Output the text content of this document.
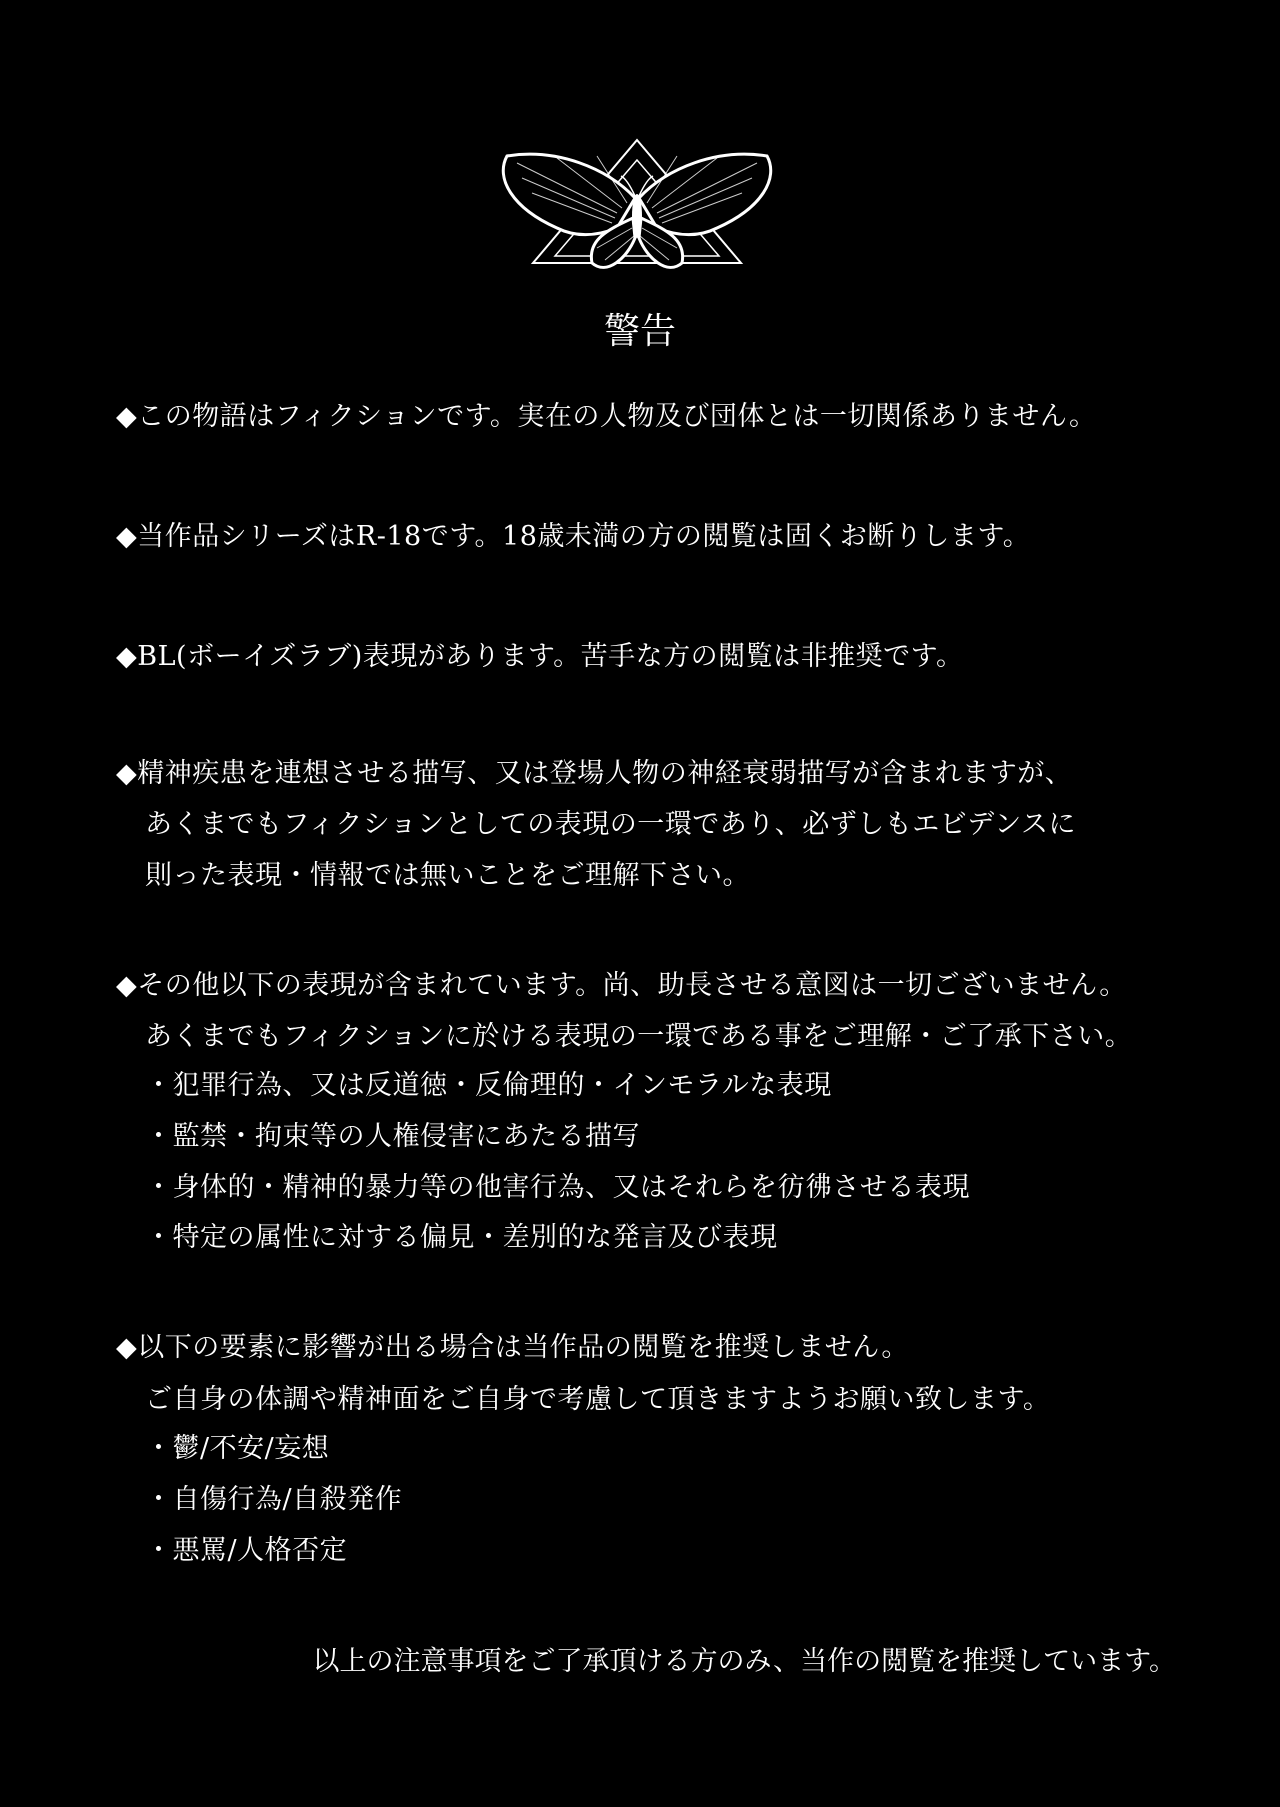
警告
◆この物語はフィクションです。実在の人物及び団体とは一切関係ありません。
◆当作品シリーズはR-18です。18歳未満の方の閲覧は固くお断りします。
◆BL(ボーイズラブ)表現があります。苦手な方の閲覧は非推奨です。
◆精神疾患を連想させる描写、又は登場人物の神経衰弱描写が含まれますが、
あくまでもフィクションとしての表現の一環であり、必ずしもエビデンスに
則った表現・情報では無いことをご理解下さい。
◆その他以下の表現が含まれています。尚、助長させる意図は一切ございません。
あくまでもフィクションに於ける表現の一環である事をご理解・ご了承下さい。
・犯罪行為、又は反道徳・反倫理的・インモラルな表現
・監禁・拘束等の人権侵害にあたる描写
・身体的・精神的暴力等の他害行為、又はそれらを彷彿させる表現
・特定の属性に対する偏見・差別的な発言及び表現
◆以下の要素に影響が出る場合は当作品の閲覧を推奨しません。
ご自身の体調や精神面をご自身で考慮して頂きますようお願い致します。
・鬱/不安/妄想
・自傷行為/自殺発作
・悪罵/人格否定
以上の注意事項をご了承頂ける方のみ、当作の閲覧を推奨しています。
